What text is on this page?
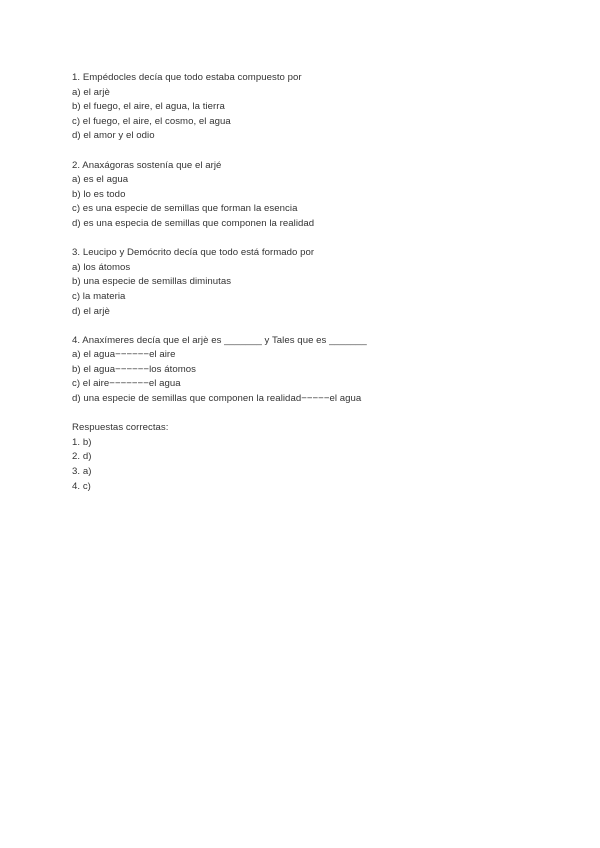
1. Empédocles decía que todo estaba compuesto por
a) el arjè
b) el fuego, el aire, el agua, la tierra
c) el fuego, el aire, el cosmo, el agua
d) el amor y el odio
2. Anaxágoras sostenía que el arjé
a) es el agua
b) lo es todo
c) es una especie de semillas que forman la esencia
d) es una especia de semillas que componen la realidad
3. Leucipo y Demócrito decía que todo está formado por
a) los átomos
b) una especie de semillas diminutas
c) la materia
d) el arjè
4. Anaxímeres decía que el arjè es _______ y Tales que es _______
a) el agua−−−−−−el aire
b) el agua−−−−−−los átomos
c) el aire−−−−−−−el agua
d) una especie de semillas que componen la realidad−−−−−el agua
Respuestas correctas:
1. b)
2. d)
3. a)
4. c)
